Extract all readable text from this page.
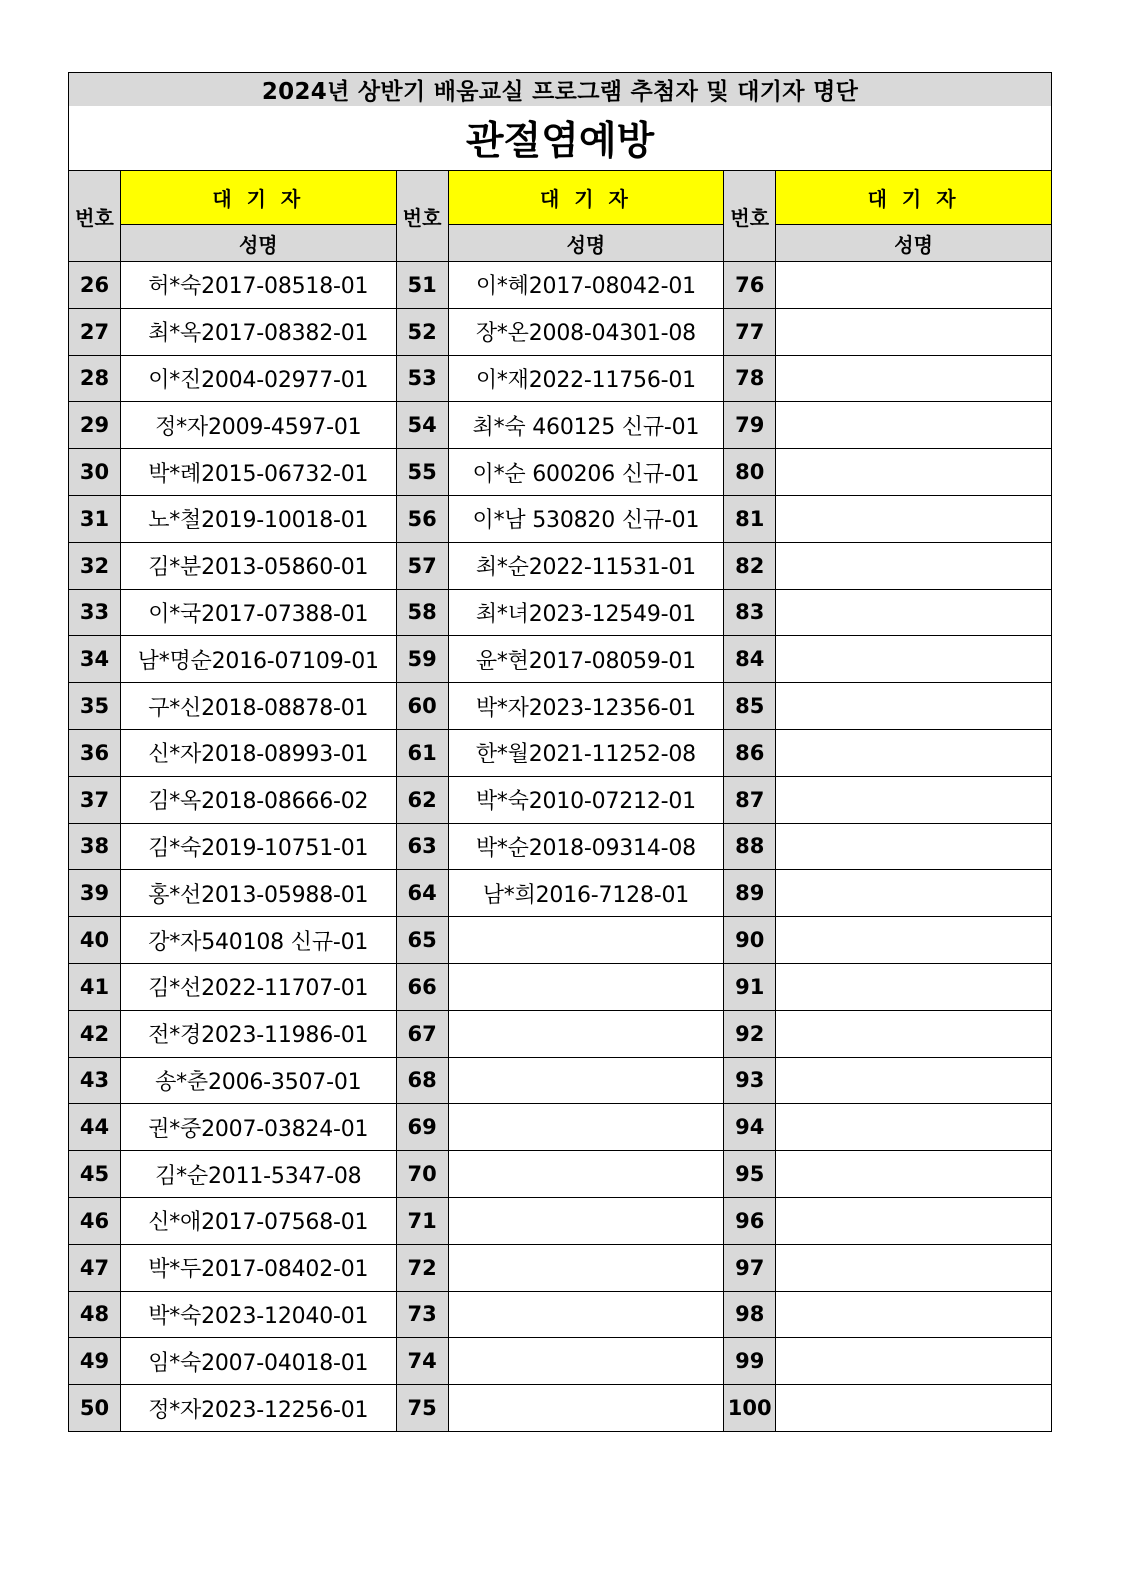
2024년 상반기 배움교실 프로그램 추첨자 및 대기자 명단					
관절염예방					
번호	대 기 자	번호	대 기 자	번호	대 기 자
	성명		성명		성명
26	허*숙2017-08518-01	51	이*혜2017-08042-01	76	
27	최*옥2017-08382-01	52	장*온2008-04301-08	77	
28	이*진2004-02977-01	53	이*재2022-11756-01	78	
29	정*자2009-4597-01	54	최*숙 460125 신규-01	79	
30	박*례2015-06732-01	55	이*순 600206 신규-01	80	
31	노*철2019-10018-01	56	이*남 530820 신규-01	81	
32	김*분2013-05860-01	57	최*순2022-11531-01	82	
33	이*국2017-07388-01	58	최*녀2023-12549-01	83	
34	남*명순2016-07109-01	59	윤*현2017-08059-01	84	
35	구*신2018-08878-01	60	박*자2023-12356-01	85	
36	신*자2018-08993-01	61	한*월2021-11252-08	86	
37	김*옥2018-08666-02	62	박*숙2010-07212-01	87	
38	김*숙2019-10751-01	63	박*순2018-09314-08	88	
39	홍*선2013-05988-01	64	남*희2016-7128-01	89	
40	강*자540108 신규-01	65		90	
41	김*선2022-11707-01	66		91	
42	전*경2023-11986-01	67		92	
43	송*춘2006-3507-01	68		93	
44	권*중2007-03824-01	69		94	
45	김*순2011-5347-08	70		95	
46	신*애2017-07568-01	71		96	
47	박*두2017-08402-01	72		97	
48	박*숙2023-12040-01	73		98	
49	임*숙2007-04018-01	74		99	
50	정*자2023-12256-01	75		100	
